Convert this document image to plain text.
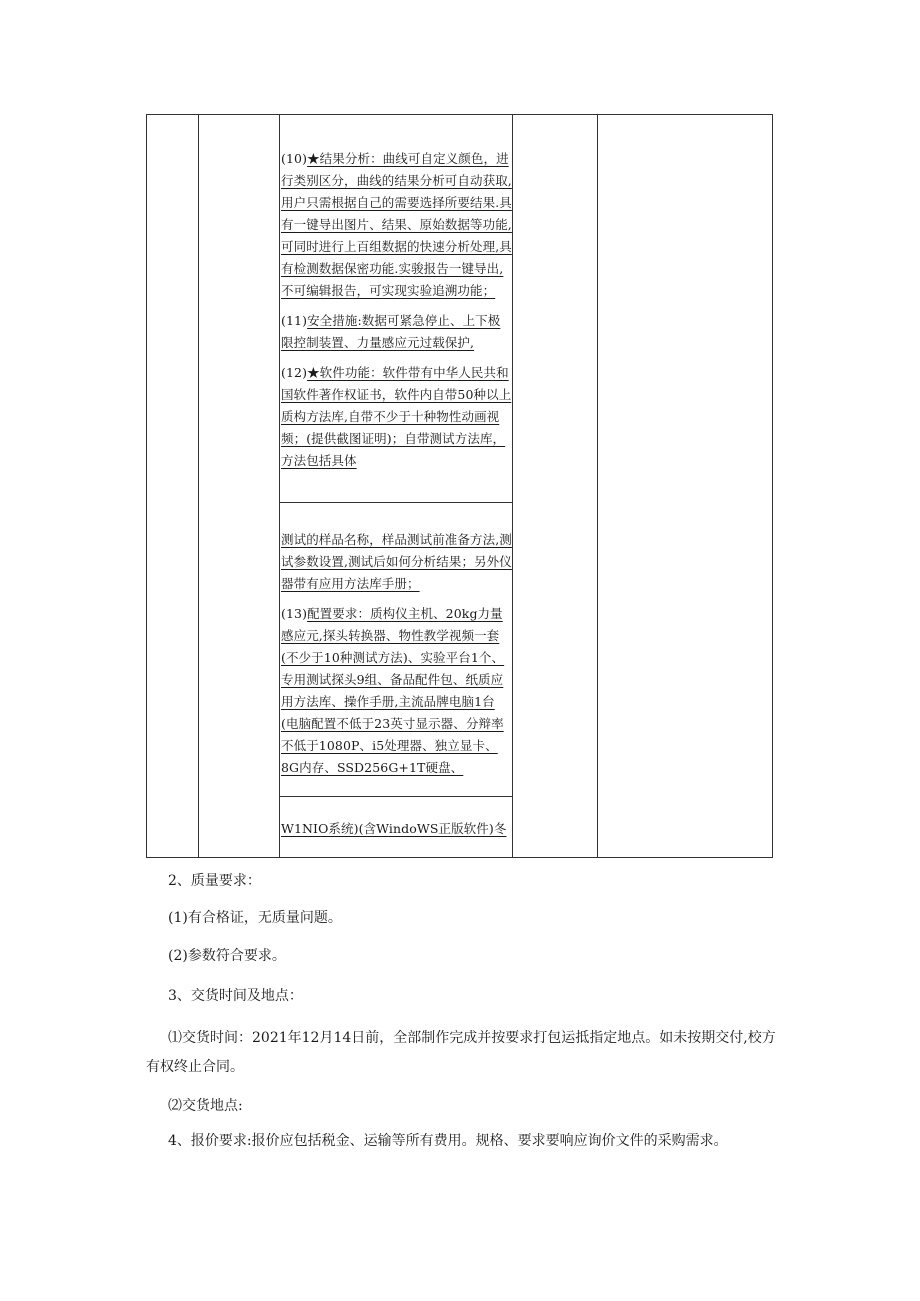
(10)★结果分析：曲线可自定义颜色，进行类别区分，曲线的结果分析可自动获取,用户只需根据自己的需要选择所要结果.具有一键导出图片、结果、原始数据等功能,可同时进行上百组数据的快速分析处理,具有检测数据保密功能.实骏报告一键导出,不可编辑报告，可实现实验追溯功能；

(11)安全措施:数据可紧急停止、上下极限控制装置、力量感应元过载保护,

(12)★软件功能：软件带有中华人民共和国软件著作权证书，软件内自带50种以上质构方法库,自带不少于十种物性动画视频；(提供截图证明)；自带测试方法库，方法包括具体

测试的样品名称，样品测试前准备方法,测试参数设置,测试后如何分析结果；另外仪器带有应用方法库手册；

(13)配置要求：质构仪主机、20kg力量感应元,探头转换器、物性教学视频一套(不少于10种测试方法)、实验平台1个、专用测试探头9组、备品配件包、纸质应用方法库、操作手册,主流品牌电脑1台(电脑配置不低于23英寸显示器、分辩率不低于1080P、i5处理器、独立显卡、8G内存、SSD256G+1T硬盘、

W1NIO系统)(含WindoWS正版软件)冬

2、质量要求：

(1)有合格证，无质量问题。

(2)参数符合要求。

3、交货时间及地点：

⑴交货时间：2021年12月14日前，全部制作完成并按要求打包运抵指定地点。如未按期交付,校方有权终止合同。

⑵交货地点:

4、报价要求:报价应包括税金、运输等所有费用。规格、要求要响应询价文件的采购需求。
